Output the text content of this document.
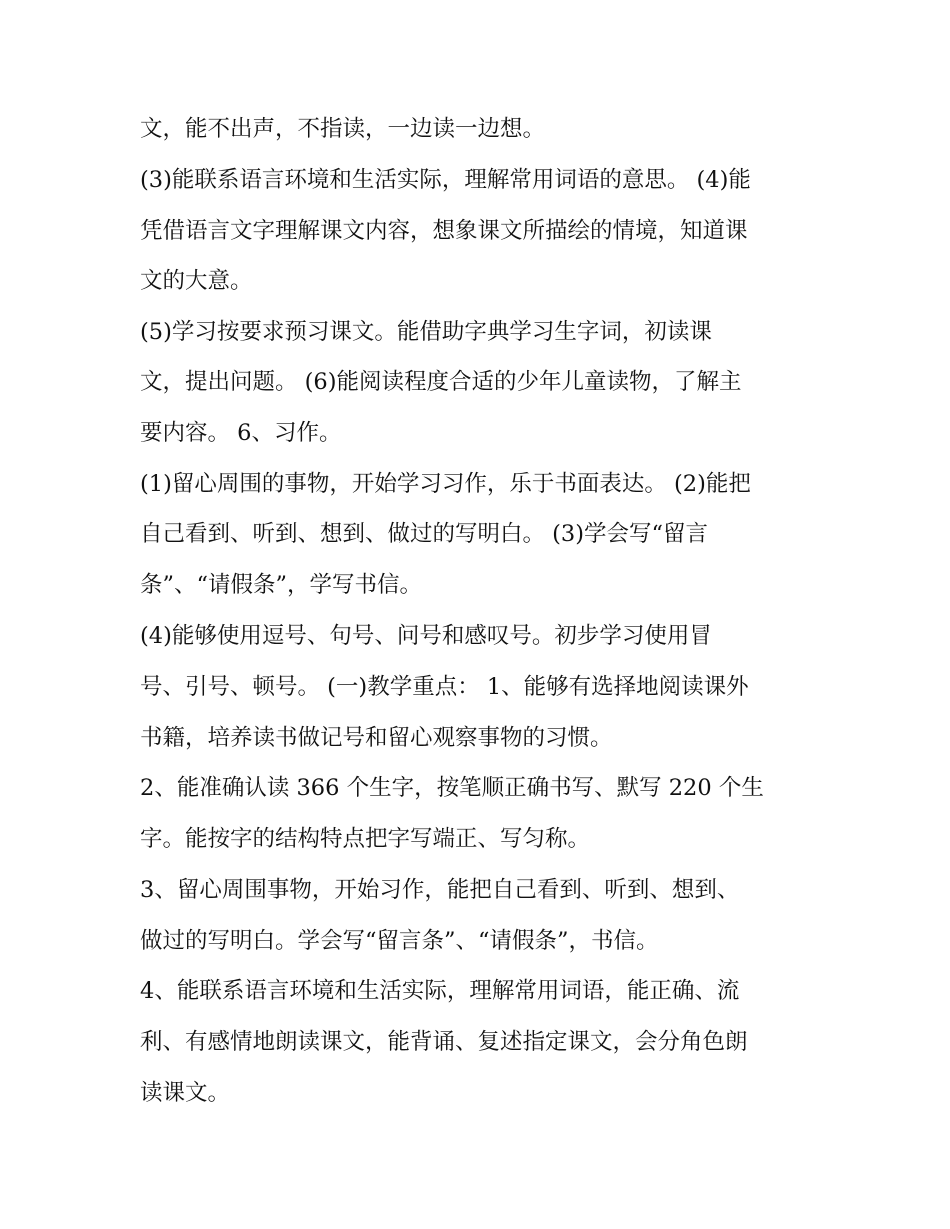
文，能不出声，不指读，一边读一边想。
(3)能联系语言环境和生活实际，理解常用词语的意思。 (4)能
凭借语言文字理解课文内容，想象课文所描绘的情境，知道课
文的大意。
(5)学习按要求预习课文。能借助字典学习生字词，初读课
文，提出问题。 (6)能阅读程度合适的少年儿童读物，了解主
要内容。 6、习作。
(1)留心周围的事物，开始学习习作，乐于书面表达。 (2)能把
自己看到、听到、想到、做过的写明白。 (3)学会写“留言
条”、“请假条”，学写书信。
(4)能够使用逗号、句号、问号和感叹号。初步学习使用冒
号、引号、顿号。 (一)教学重点： 1、能够有选择地阅读课外
书籍，培养读书做记号和留心观察事物的习惯。
2、能准确认读 366 个生字，按笔顺正确书写、默写 220 个生
字。能按字的结构特点把字写端正、写匀称。
3、留心周围事物，开始习作，能把自己看到、听到、想到、
做过的写明白。学会写“留言条”、“请假条”，书信。
4、能联系语言环境和生活实际，理解常用词语，能正确、流
利、有感情地朗读课文，能背诵、复述指定课文，会分角色朗
读课文。
